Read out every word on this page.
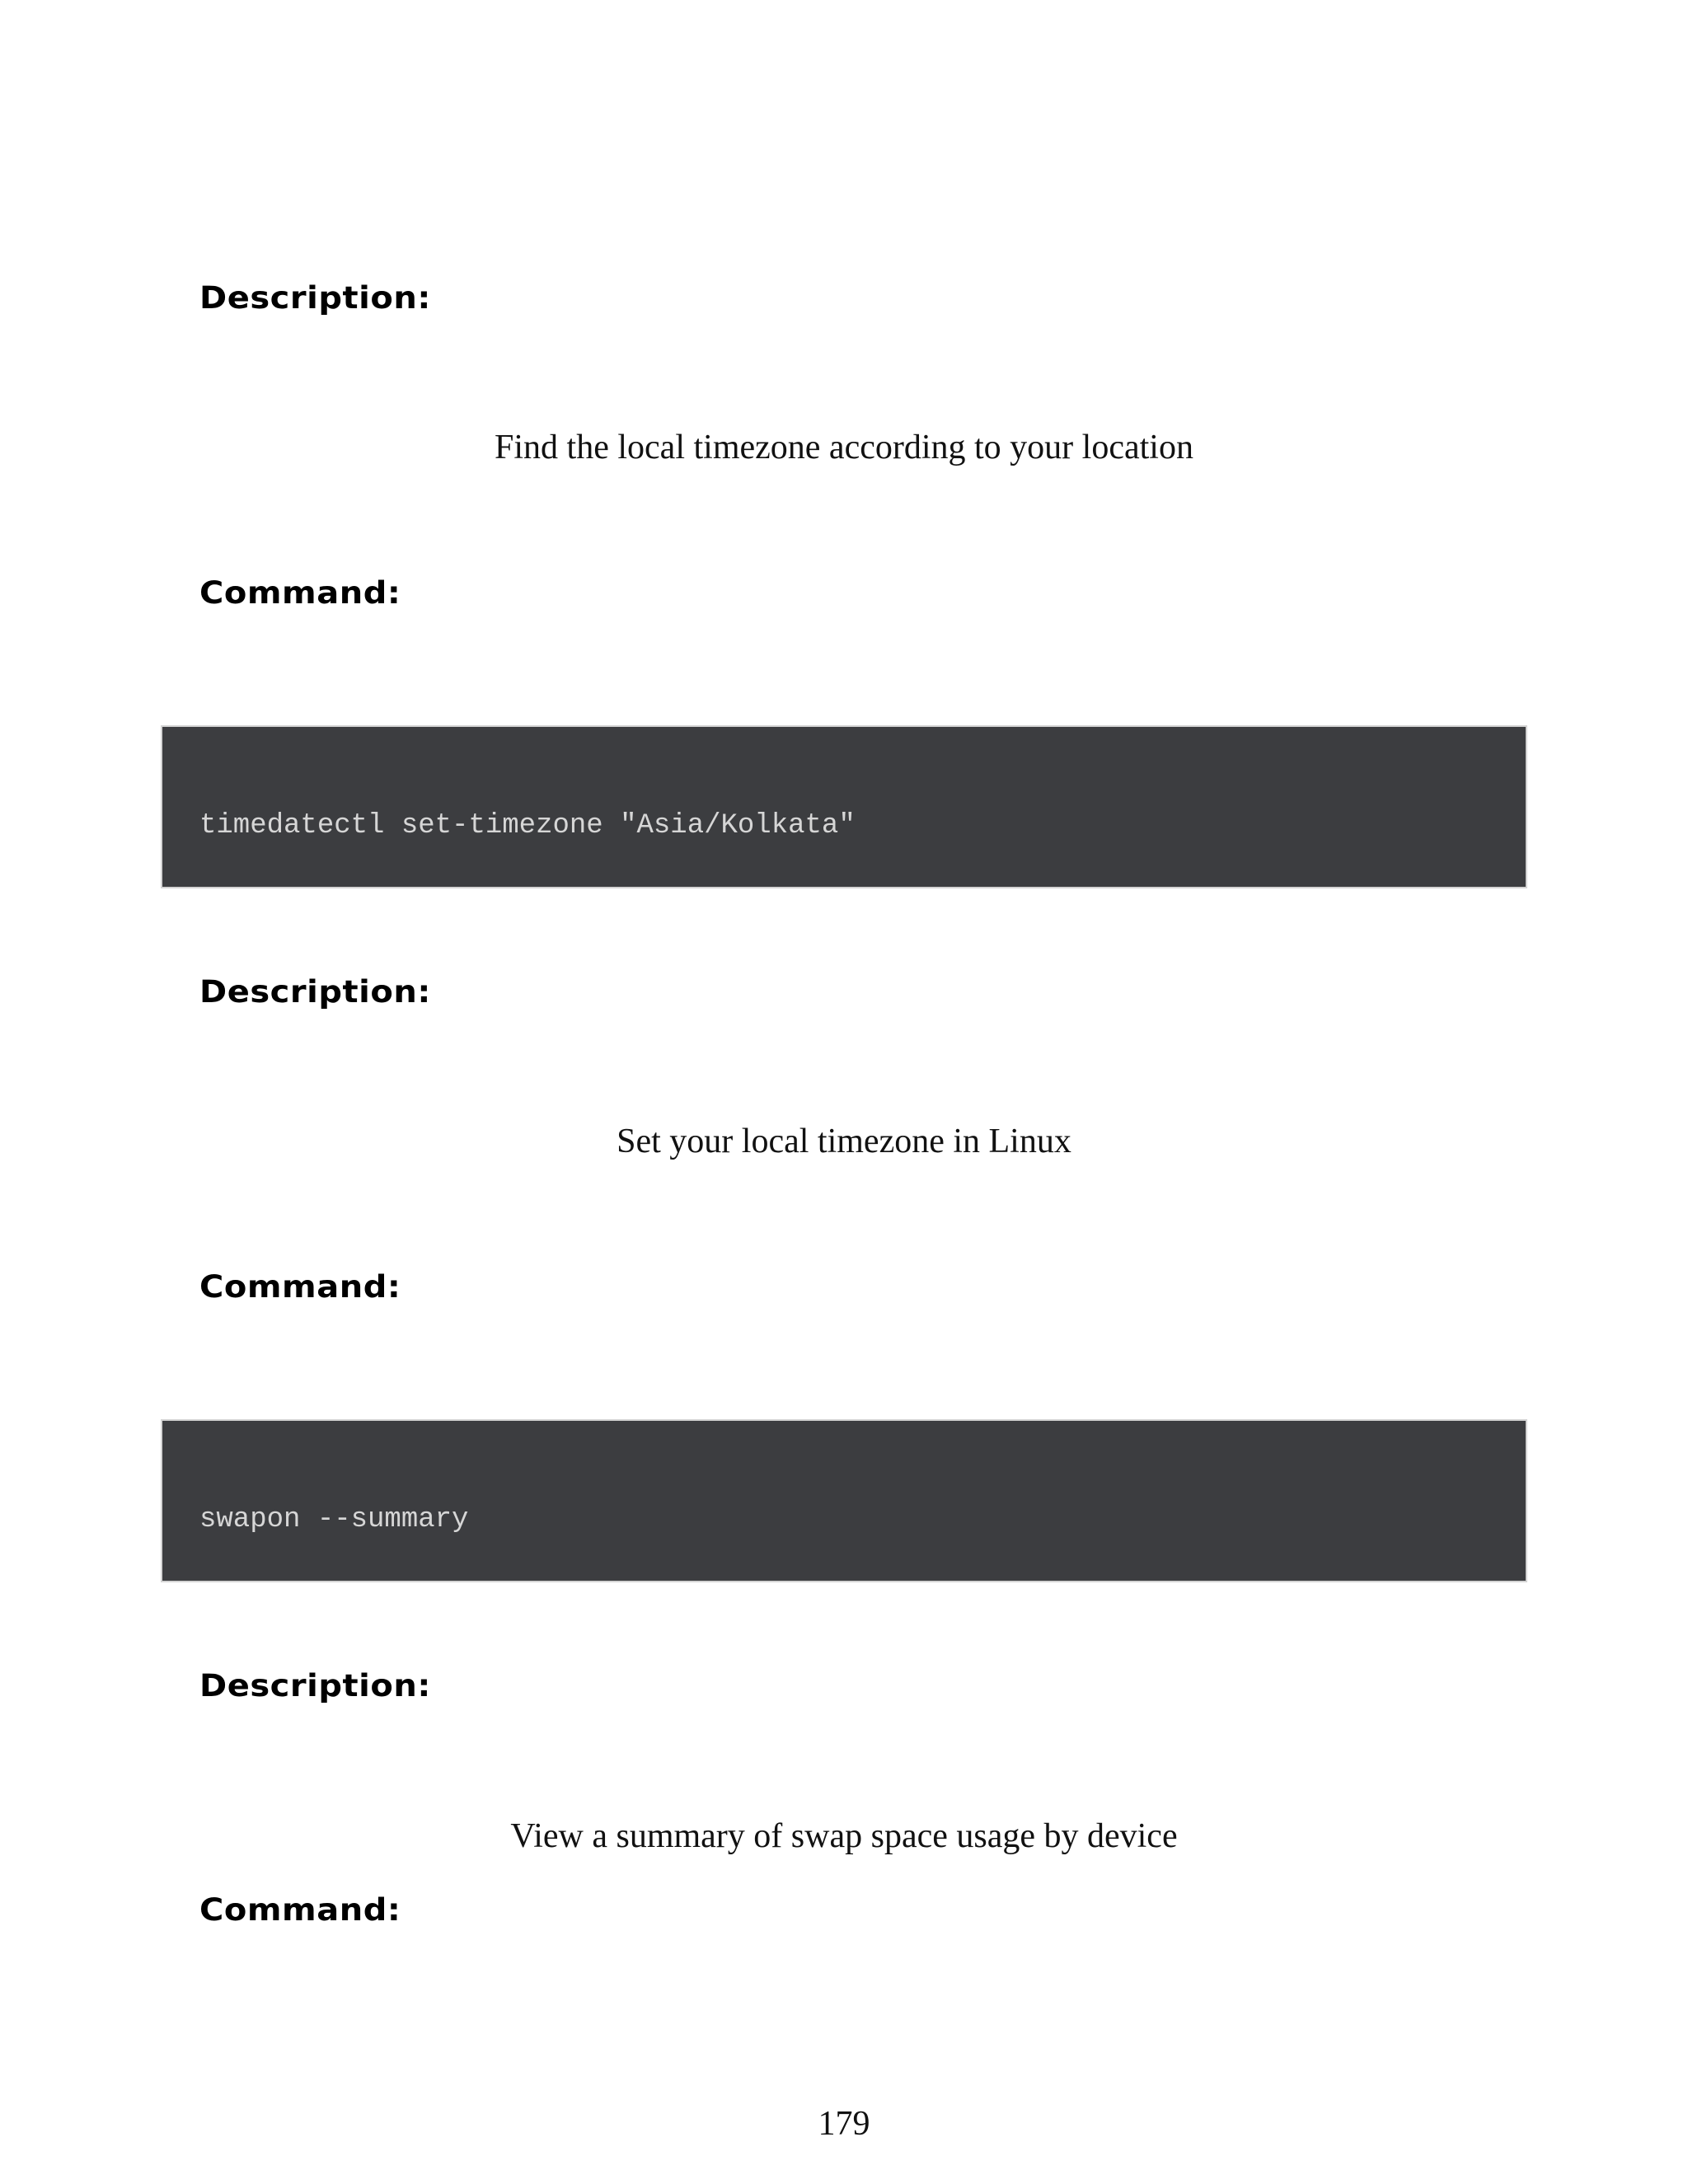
Description:

Find the local timezone according to your location

Command:
timedatectl set-timezone "Asia/Kolkata"
Description:

Set your local timezone in Linux

Command:
swapon --summary
Description:

View a summary of swap space usage by device

Command:

179
